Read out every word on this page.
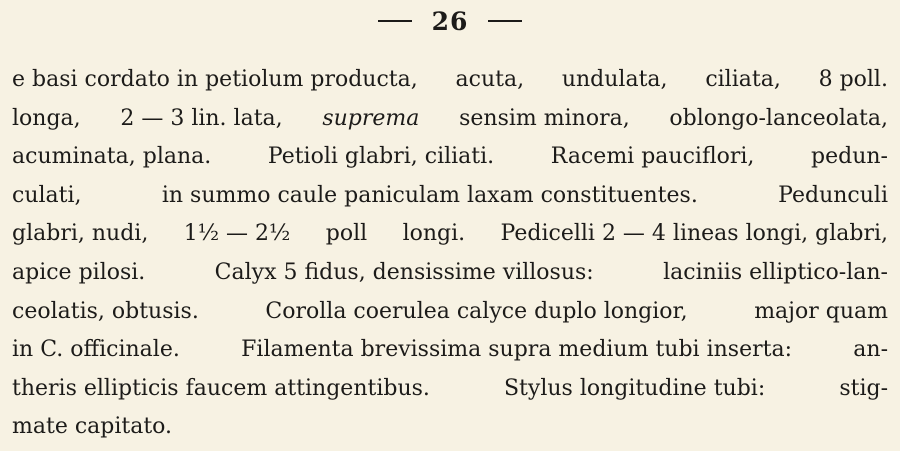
26
e basi cordato in petiolum producta, acuta, undulata, ciliata, 8 poll.
longa, 2 — 3 lin. lata, suprema sensim minora, oblongo-lanceolata,
acuminata, plana.	Petioli glabri, ciliati.	Racemi pauciflori,	pedun-
culati,	in summo caule paniculam laxam constituentes.	Pedunculi
glabri, nudi, 1½ — 2½ poll longi. Pedicelli 2 — 4 lineas longi, glabri,
apice pilosi.	Calyx 5 fidus, densissime villosus:	laciniis elliptico-lan-
ceolatis, obtusis.	Corolla coerulea calyce duplo longior,	major quam
in C. officinale.	Filamenta brevissima supra medium tubi inserta:	an-
theris ellipticis faucem attingentibus.	Stylus longitudine tubi:	stig-
mate capitato.
